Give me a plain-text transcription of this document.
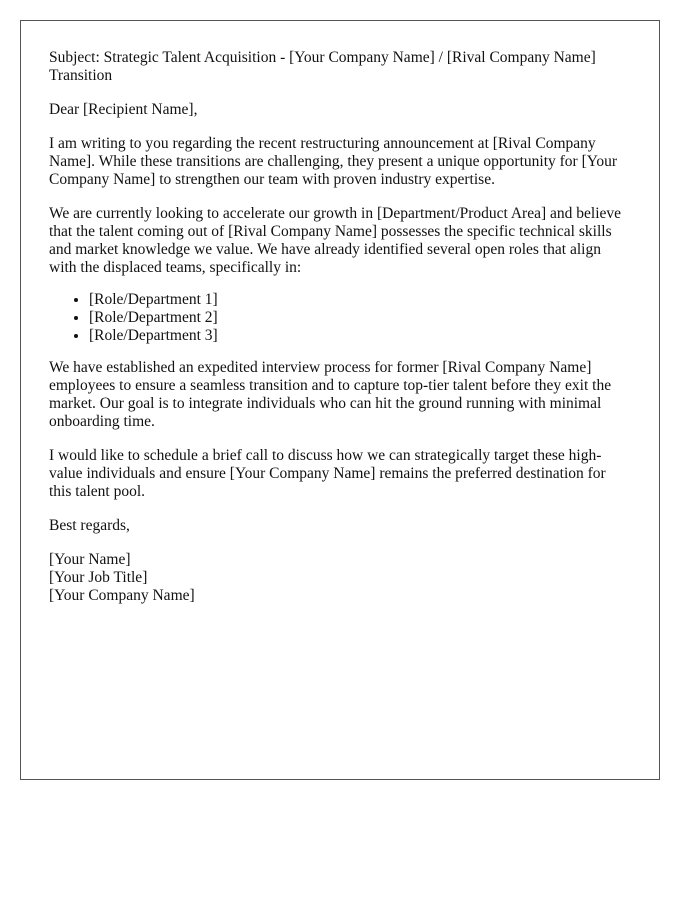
Subject: Strategic Talent Acquisition - [Your Company Name] / [Rival Company Name] Transition

Dear [Recipient Name],

I am writing to you regarding the recent restructuring announcement at [Rival Company Name]. While these transitions are challenging, they present a unique opportunity for [Your Company Name] to strengthen our team with proven industry expertise.

We are currently looking to accelerate our growth in [Department/Product Area] and believe that the talent coming out of [Rival Company Name] possesses the specific technical skills and market knowledge we value. We have already identified several open roles that align with the displaced teams, specifically in:

• [Role/Department 1]
• [Role/Department 2]
• [Role/Department 3]

We have established an expedited interview process for former [Rival Company Name] employees to ensure a seamless transition and to capture top-tier talent before they exit the market. Our goal is to integrate individuals who can hit the ground running with minimal onboarding time.

I would like to schedule a brief call to discuss how we can strategically target these high-value individuals and ensure [Your Company Name] remains the preferred destination for this talent pool.

Best regards,

[Your Name]
[Your Job Title]
[Your Company Name]
